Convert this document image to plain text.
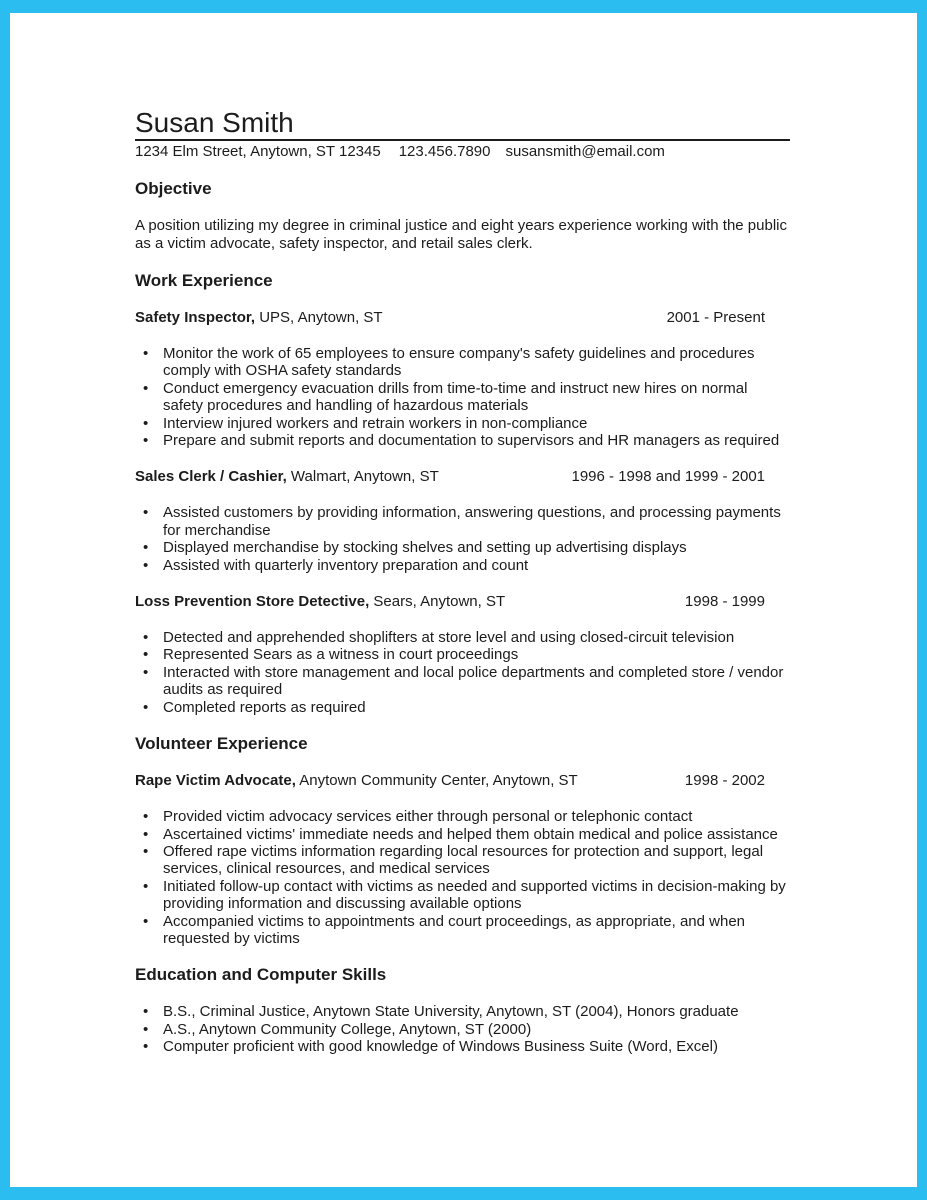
Susan Smith
1234 Elm Street, Anytown, ST 12345 123.456.7890 susansmith@email.com
Objective

A position utilizing my degree in criminal justice and eight years experience working with the public as a victim advocate, safety inspector, and retail sales clerk.

Work Experience
Safety Inspector, UPS, Anytown, ST	2001 - Present
• Monitor the work of 65 employees to ensure company's safety guidelines and procedures comply with OSHA safety standards
• Conduct emergency evacuation drills from time-to-time and instruct new hires on normal safety procedures and handling of hazardous materials
• Interview injured workers and retrain workers in non-compliance
• Prepare and submit reports and documentation to supervisors and HR managers as required
Sales Clerk / Cashier, Walmart, Anytown, ST	1996 - 1998 and 1999 - 2001
• Assisted customers by providing information, answering questions, and processing payments for merchandise
• Displayed merchandise by stocking shelves and setting up advertising displays
• Assisted with quarterly inventory preparation and count
Loss Prevention Store Detective, Sears, Anytown, ST	1998 - 1999
• Detected and apprehended shoplifters at store level and using closed-circuit television
• Represented Sears as a witness in court proceedings
• Interacted with store management and local police departments and completed store / vendor audits as required
• Completed reports as required
Volunteer Experience
Rape Victim Advocate, Anytown Community Center, Anytown, ST	1998 - 2002
• Provided victim advocacy services either through personal or telephonic contact
• Ascertained victims' immediate needs and helped them obtain medical and police assistance
• Offered rape victims information regarding local resources for protection and support, legal services, clinical resources, and medical services
• Initiated follow-up contact with victims as needed and supported victims in decision-making by providing information and discussing available options
• Accompanied victims to appointments and court proceedings, as appropriate, and when requested by victims
Education and Computer Skills
• B.S., Criminal Justice, Anytown State University, Anytown, ST (2004), Honors graduate
• A.S., Anytown Community College, Anytown, ST (2000)
• Computer proficient with good knowledge of Windows Business Suite (Word, Excel)
